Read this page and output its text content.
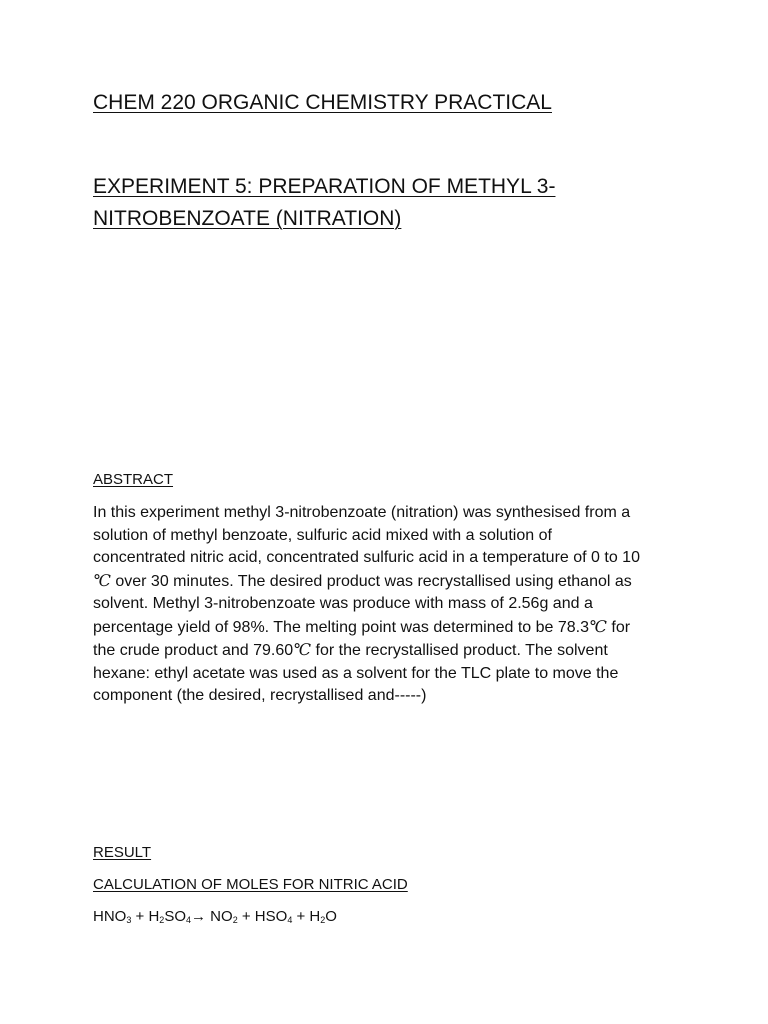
CHEM 220 ORGANIC CHEMISTRY PRACTICAL
EXPERIMENT 5: PREPARATION OF METHYL 3-
NITROBENZOATE (NITRATION)
ABSTRACT

In this experiment methyl 3-nitrobenzoate (nitration) was synthesised from a
solution of methyl benzoate, sulfuric acid mixed with a solution of
concentrated nitric acid, concentrated sulfuric acid in a temperature of 0 to 10
℃ over 30 minutes. The desired product was recrystallised using ethanol as
solvent. Methyl 3-nitrobenzoate was produce with mass of 2.56g and a
percentage yield of 98%. The melting point was determined to be 78.3℃ for
the crude product and 79.60℃ for the recrystallised product. The solvent
hexane: ethyl acetate was used as a solvent for the TLC plate to move the
component (the desired, recrystallised and-----)

RESULT
CALCULATION OF MOLES FOR NITRIC ACID

$HNO_3 + H_2SO_4\to NO_2 + HSO_4 + H_2O$
